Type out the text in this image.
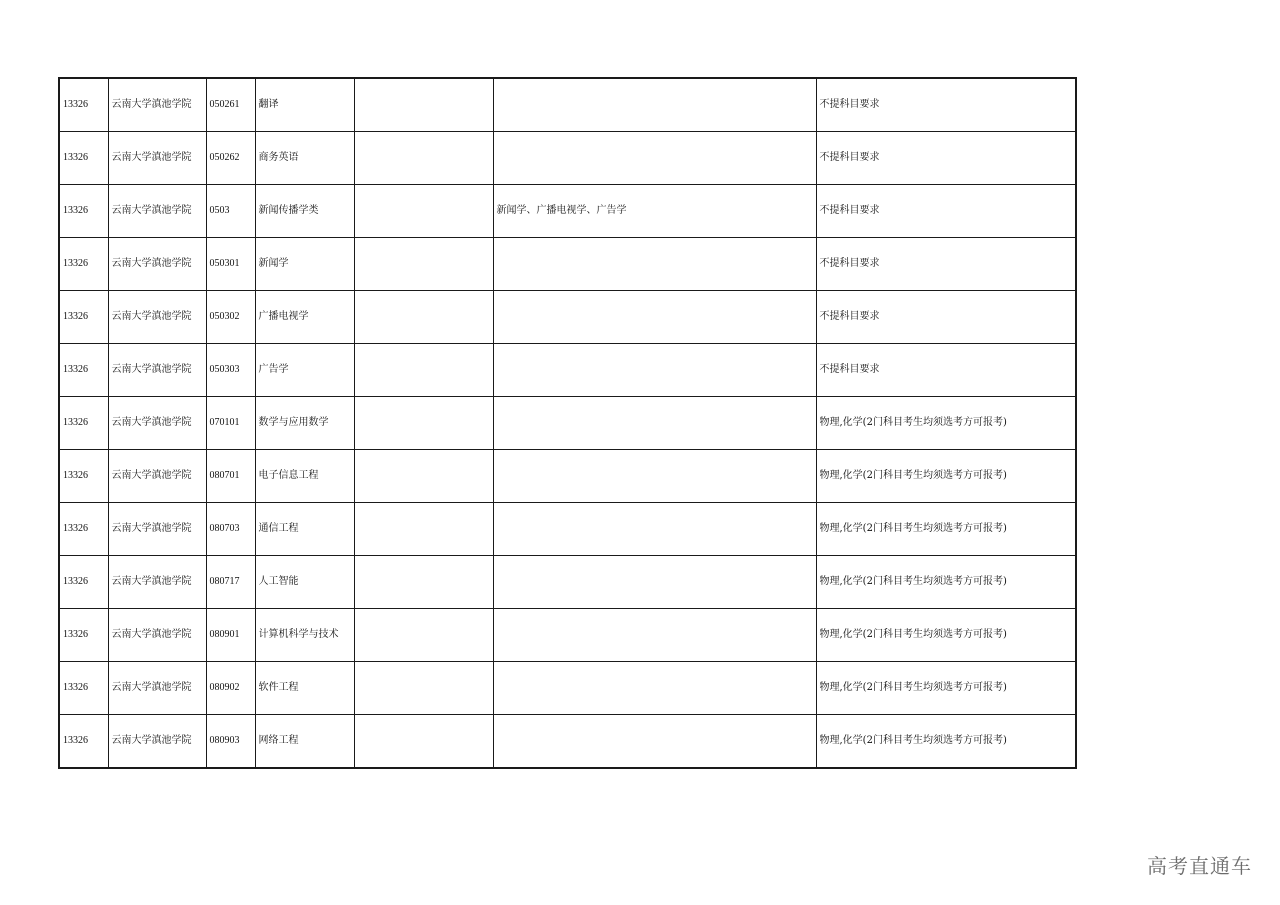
13326	云南大学滇池学院	050261	翻译			不提科目要求
13326	云南大学滇池学院	050262	商务英语			不提科目要求
13326	云南大学滇池学院	0503	新闻传播学类		新闻学、广播电视学、广告学	不提科目要求
13326	云南大学滇池学院	050301	新闻学			不提科目要求
13326	云南大学滇池学院	050302	广播电视学			不提科目要求
13326	云南大学滇池学院	050303	广告学			不提科目要求
13326	云南大学滇池学院	070101	数学与应用数学			物理,化学(2门科目考生均须选考方可报考)
13326	云南大学滇池学院	080701	电子信息工程			物理,化学(2门科目考生均须选考方可报考)
13326	云南大学滇池学院	080703	通信工程			物理,化学(2门科目考生均须选考方可报考)
13326	云南大学滇池学院	080717	人工智能			物理,化学(2门科目考生均须选考方可报考)
13326	云南大学滇池学院	080901	计算机科学与技术			物理,化学(2门科目考生均须选考方可报考)
13326	云南大学滇池学院	080902	软件工程			物理,化学(2门科目考生均须选考方可报考)
13326	云南大学滇池学院	080903	网络工程			物理,化学(2门科目考生均须选考方可报考)
高考直通车
